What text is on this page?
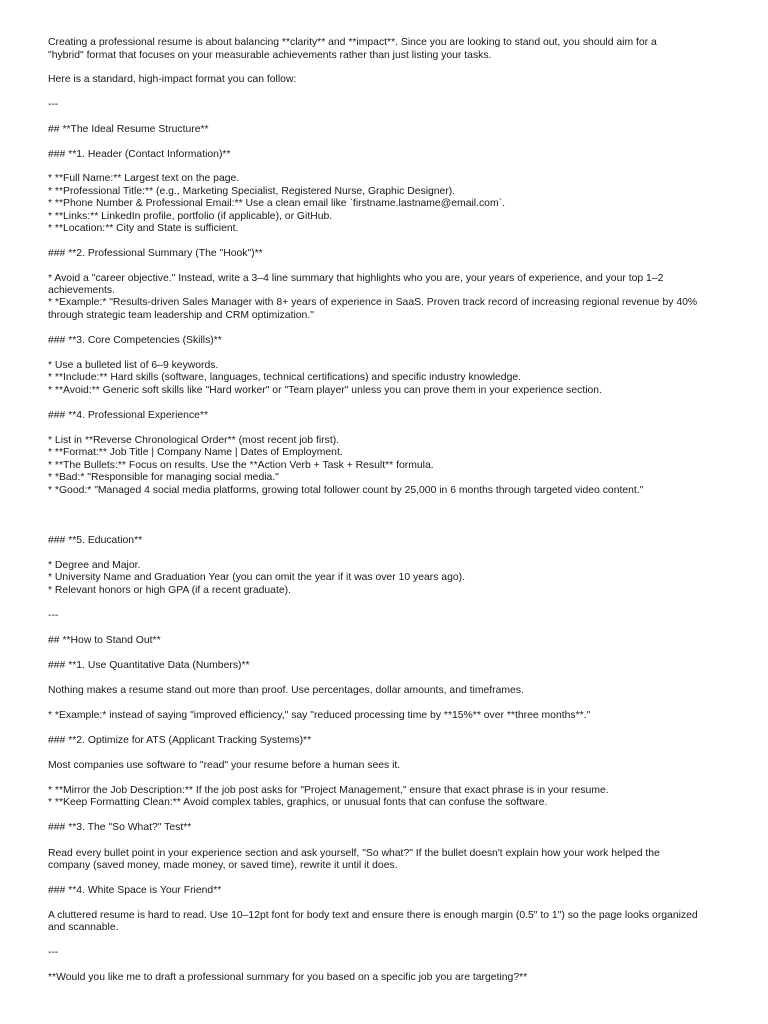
Creating a professional resume is about balancing **clarity** and **impact**. Since you are looking to stand out, you should aim for a
"hybrid" format that focuses on your measurable achievements rather than just listing your tasks.
Here is a standard, high-impact format you can follow:
---
## **The Ideal Resume Structure**
### **1. Header (Contact Information)**
* **Full Name:** Largest text on the page.
* **Professional Title:** (e.g., Marketing Specialist, Registered Nurse, Graphic Designer).
* **Phone Number & Professional Email:** Use a clean email like `firstname.lastname@email.com`.
* **Links:** LinkedIn profile, portfolio (if applicable), or GitHub.
* **Location:** City and State is sufficient.
### **2. Professional Summary (The "Hook")**
* Avoid a "career objective." Instead, write a 3–4 line summary that highlights who you are, your years of experience, and your top 1–2
achievements.
* *Example:* "Results-driven Sales Manager with 8+ years of experience in SaaS. Proven track record of increasing regional revenue by 40%
through strategic team leadership and CRM optimization."
### **3. Core Competencies (Skills)**
* Use a bulleted list of 6–9 keywords.
* **Include:** Hard skills (software, languages, technical certifications) and specific industry knowledge.
* **Avoid:** Generic soft skills like "Hard worker" or "Team player" unless you can prove them in your experience section.
### **4. Professional Experience**
* List in **Reverse Chronological Order** (most recent job first).
* **Format:** Job Title | Company Name | Dates of Employment.
* **The Bullets:** Focus on results. Use the **Action Verb + Task + Result** formula.
* *Bad:* "Responsible for managing social media."
* *Good:* "Managed 4 social media platforms, growing total follower count by 25,000 in 6 months through targeted video content."
### **5. Education**
* Degree and Major.
* University Name and Graduation Year (you can omit the year if it was over 10 years ago).
* Relevant honors or high GPA (if a recent graduate).
---
## **How to Stand Out**
### **1. Use Quantitative Data (Numbers)**
Nothing makes a resume stand out more than proof. Use percentages, dollar amounts, and timeframes.
* *Example:* instead of saying "improved efficiency," say "reduced processing time by **15%** over **three months**."
### **2. Optimize for ATS (Applicant Tracking Systems)**
Most companies use software to "read" your resume before a human sees it.
* **Mirror the Job Description:** If the job post asks for "Project Management," ensure that exact phrase is in your resume.
* **Keep Formatting Clean:** Avoid complex tables, graphics, or unusual fonts that can confuse the software.
### **3. The "So What?" Test**
Read every bullet point in your experience section and ask yourself, "So what?" If the bullet doesn't explain how your work helped the
company (saved money, made money, or saved time), rewrite it until it does.
### **4. White Space is Your Friend**
A cluttered resume is hard to read. Use 10–12pt font for body text and ensure there is enough margin (0.5" to 1") so the page looks organized
and scannable.
---
**Would you like me to draft a professional summary for you based on a specific job you are targeting?**
